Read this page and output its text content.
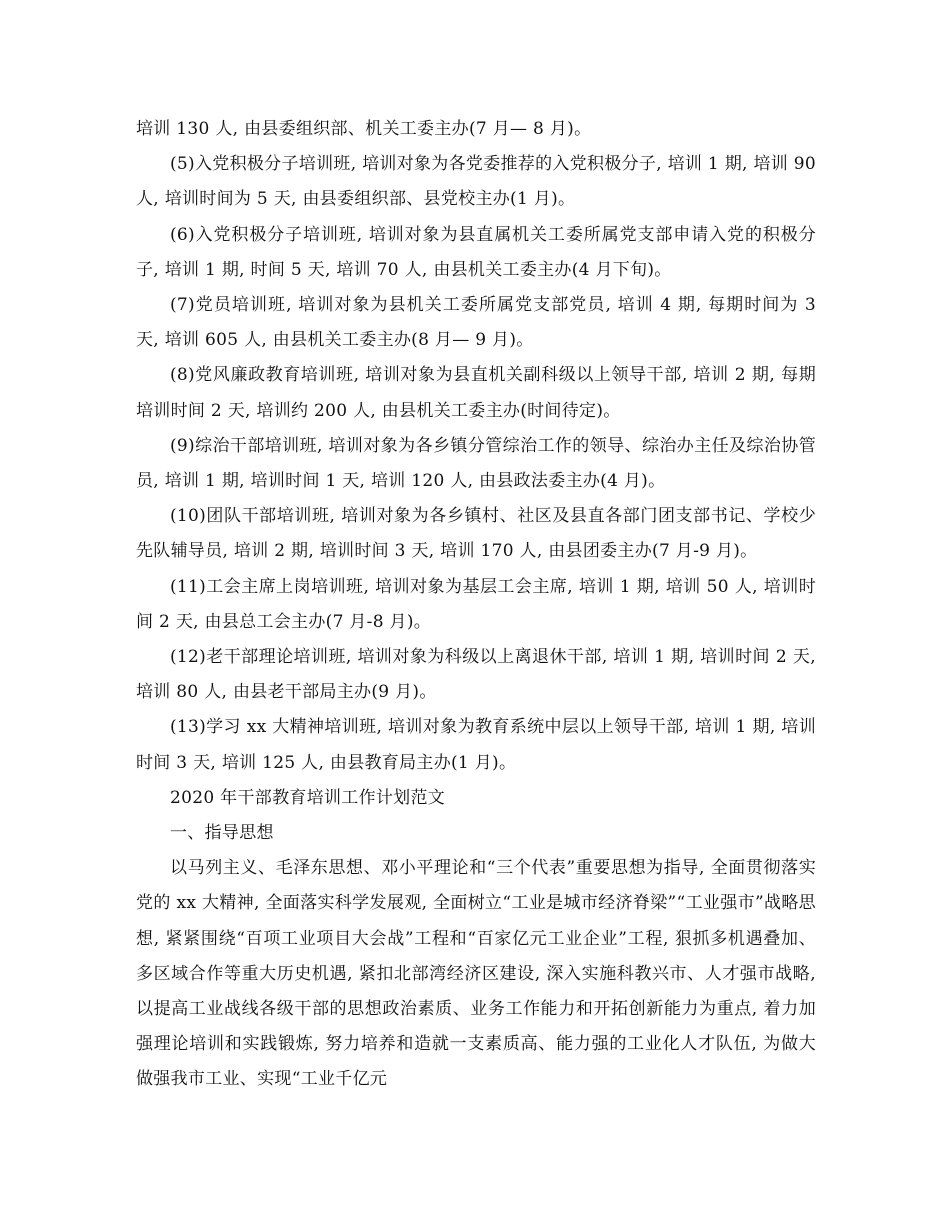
培训 130 人, 由县委组织部、机关工委主办(7 月— 8 月)。

(5)入党积极分子培训班, 培训对象为各党委推荐的入党积极分子, 培训 1 期, 培训 90 人, 培训时间为 5 天, 由县委组织部、县党校主办(1 月)。

(6)入党积极分子培训班, 培训对象为县直属机关工委所属党支部申请入党的积极分子, 培训 1 期, 时间 5 天, 培训 70 人, 由县机关工委主办(4 月下旬)。

(7)党员培训班, 培训对象为县机关工委所属党支部党员, 培训 4 期, 每期时间为 3 天, 培训 605 人, 由县机关工委主办(8 月— 9 月)。

(8)党风廉政教育培训班, 培训对象为县直机关副科级以上领导干部, 培训 2 期, 每期培训时间 2 天, 培训约 200 人, 由县机关工委主办(时间待定)。

(9)综治干部培训班, 培训对象为各乡镇分管综治工作的领导、综治办主任及综治协管员, 培训 1 期, 培训时间 1 天, 培训 120 人, 由县政法委主办(4 月)。

(10)团队干部培训班, 培训对象为各乡镇村、社区及县直各部门团支部书记、学校少先队辅导员, 培训 2 期, 培训时间 3 天, 培训 170 人, 由县团委主办(7 月-9 月)。

(11)工会主席上岗培训班, 培训对象为基层工会主席, 培训 1 期, 培训 50 人, 培训时间 2 天, 由县总工会主办(7 月-8 月)。

(12)老干部理论培训班, 培训对象为科级以上离退休干部, 培训 1 期, 培训时间 2 天, 培训 80 人, 由县老干部局主办(9 月)。

(13)学习 xx 大精神培训班, 培训对象为教育系统中层以上领导干部, 培训 1 期, 培训时间 3 天, 培训 125 人, 由县教育局主办(1 月)。

2020 年干部教育培训工作计划范文

一、指导思想

以马列主义、毛泽东思想、邓小平理论和“三个代表”重要思想为指导, 全面贯彻落实党的 xx 大精神, 全面落实科学发展观, 全面树立“工业是城市经济脊梁”“工业强市”战略思想, 紧紧围绕“百项工业项目大会战”工程和“百家亿元工业企业”工程, 狠抓多机遇叠加、多区域合作等重大历史机遇, 紧扣北部湾经济区建设, 深入实施科教兴市、人才强市战略, 以提高工业战线各级干部的思想政治素质、业务工作能力和开拓创新能力为重点, 着力加强理论培训和实践锻炼, 努力培养和造就一支素质高、能力强的工业化人才队伍, 为做大做强我市工业、实现“工业千亿元
